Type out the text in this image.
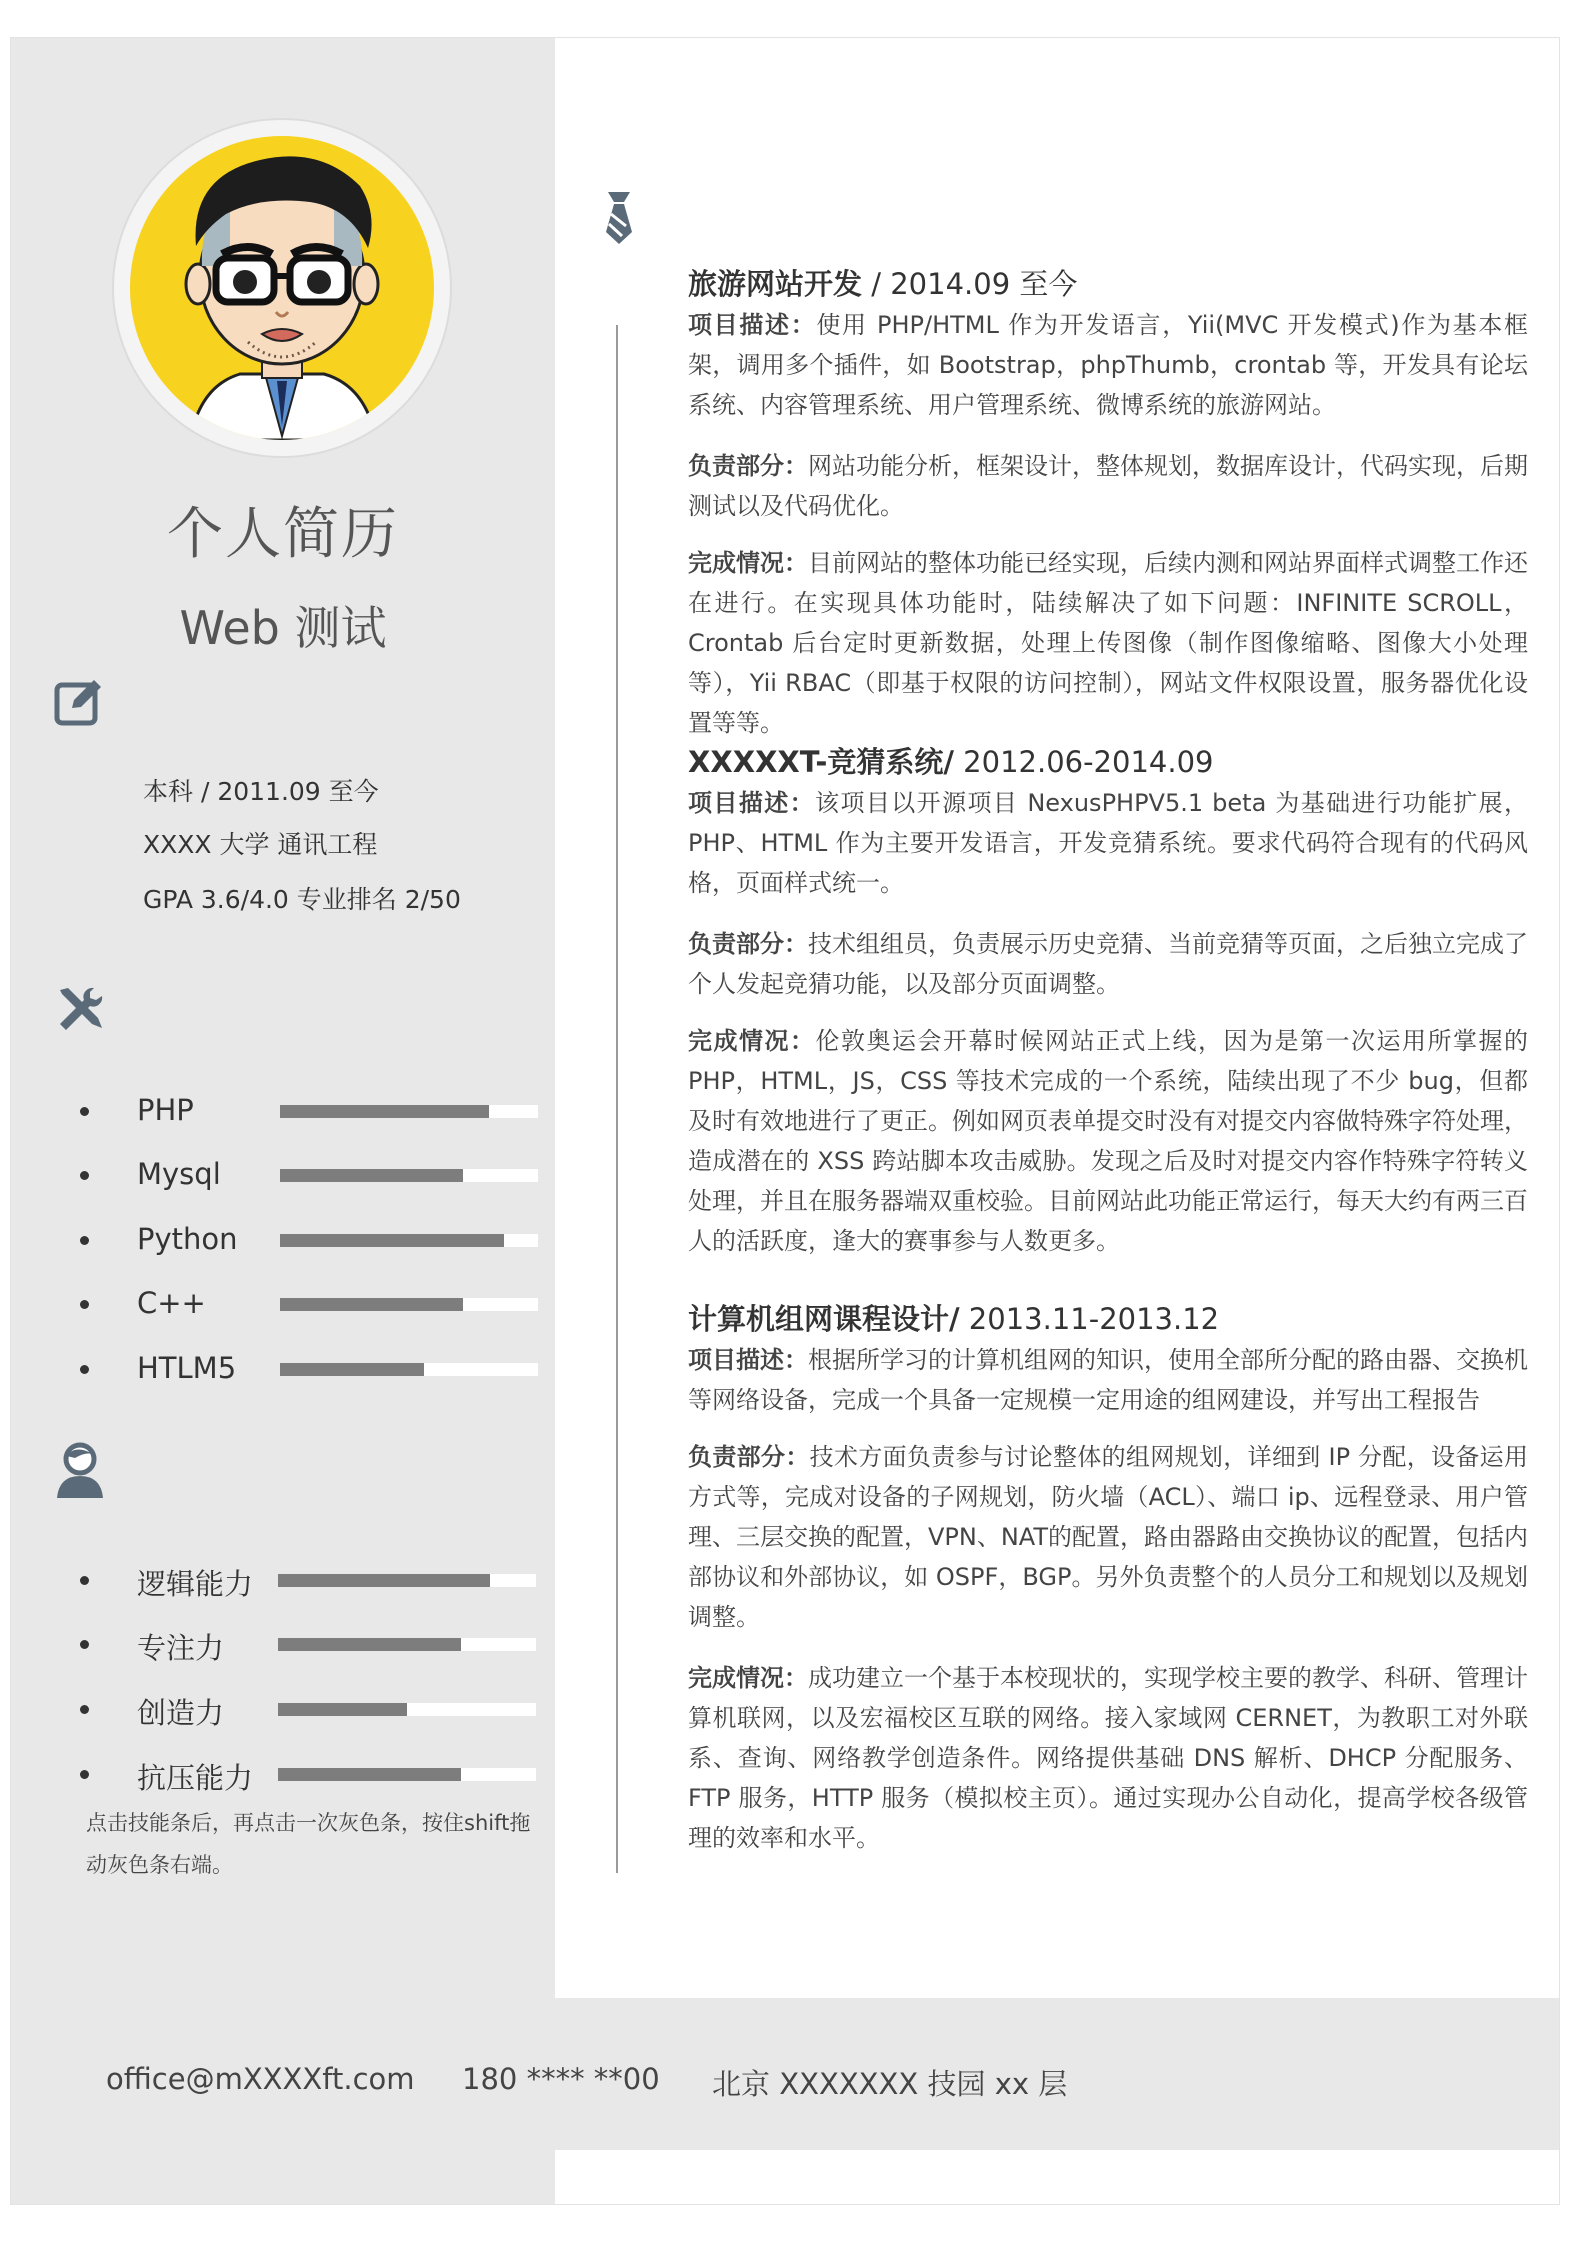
个人简历
Web 测试
本科 / 2011.09 至今
XXXX 大学 通讯工程
GPA 3.6/4.0 专业排名 2/50
PHP
Mysql
Python
C++
HTLM5
逻辑能力
专注力
创造力
抗压能力
点击技能条后，再点击一次灰色条，按住shift拖动灰色条右端。
旅游网站开发 / 2014.09 至今
项目描述：使用 PHP/HTML 作为开发语言，Yii(MVC 开发模式)作为基本框架，调用多个插件，如 Bootstrap，phpThumb，crontab 等，开发具有论坛系统、内容管理系统、用户管理系统、微博系统的旅游网站。
负责部分：网站功能分析，框架设计，整体规划，数据库设计，代码实现，后期测试以及代码优化。
完成情况：目前网站的整体功能已经实现，后续内测和网站界面样式调整工作还在进行。在实现具体功能时，陆续解决了如下问题：INFINITE SCROLL，Crontab 后台定时更新数据，处理上传图像（制作图像缩略、图像大小处理等），Yii RBAC（即基于权限的访问控制），网站文件权限设置，服务器优化设置等等。
XXXXXT-竞猜系统/ 2012.06-2014.09
项目描述：该项目以开源项目 NexusPHPV5.1 beta 为基础进行功能扩展，PHP、HTML 作为主要开发语言，开发竞猜系统。要求代码符合现有的代码风格，页面样式统一。
负责部分：技术组组员，负责展示历史竞猜、当前竞猜等页面，之后独立完成了个人发起竞猜功能，以及部分页面调整。
完成情况：伦敦奥运会开幕时候网站正式上线，因为是第一次运用所掌握的 PHP，HTML，JS，CSS 等技术完成的一个系统，陆续出现了不少 bug，但都及时有效地进行了更正。例如网页表单提交时没有对提交内容做特殊字符处理，造成潜在的 XSS 跨站脚本攻击威胁。发现之后及时对提交内容作特殊字符转义处理，并且在服务器端双重校验。目前网站此功能正常运行，每天大约有两三百人的活跃度，逢大的赛事参与人数更多。
计算机组网课程设计/ 2013.11-2013.12
项目描述：根据所学习的计算机组网的知识，使用全部所分配的路由器、交换机等网络设备，完成一个具备一定规模一定用途的组网建设，并写出工程报告
负责部分：技术方面负责参与讨论整体的组网规划，详细到 IP 分配，设备运用方式等，完成对设备的子网规划，防火墙（ACL）、端口 ip、远程登录、用户管理、三层交换的配置，VPN、NAT的配置，路由器路由交换协议的配置，包括内部协议和外部协议，如 OSPF，BGP。另外负责整个的人员分工和规划以及规划调整。
完成情况：成功建立一个基于本校现状的，实现学校主要的教学、科研、管理计算机联网，以及宏福校区互联的网络。接入家域网 CERNET，为教职工对外联系、查询、网络教学创造条件。网络提供基础 DNS 解析、DHCP 分配服务、FTP 服务，HTTP 服务（模拟校主页）。通过实现办公自动化，提高学校各级管理的效率和水平。
office@mXXXXft.com 180 **** **00 北京 XXXXXXX 技园 xx 层
